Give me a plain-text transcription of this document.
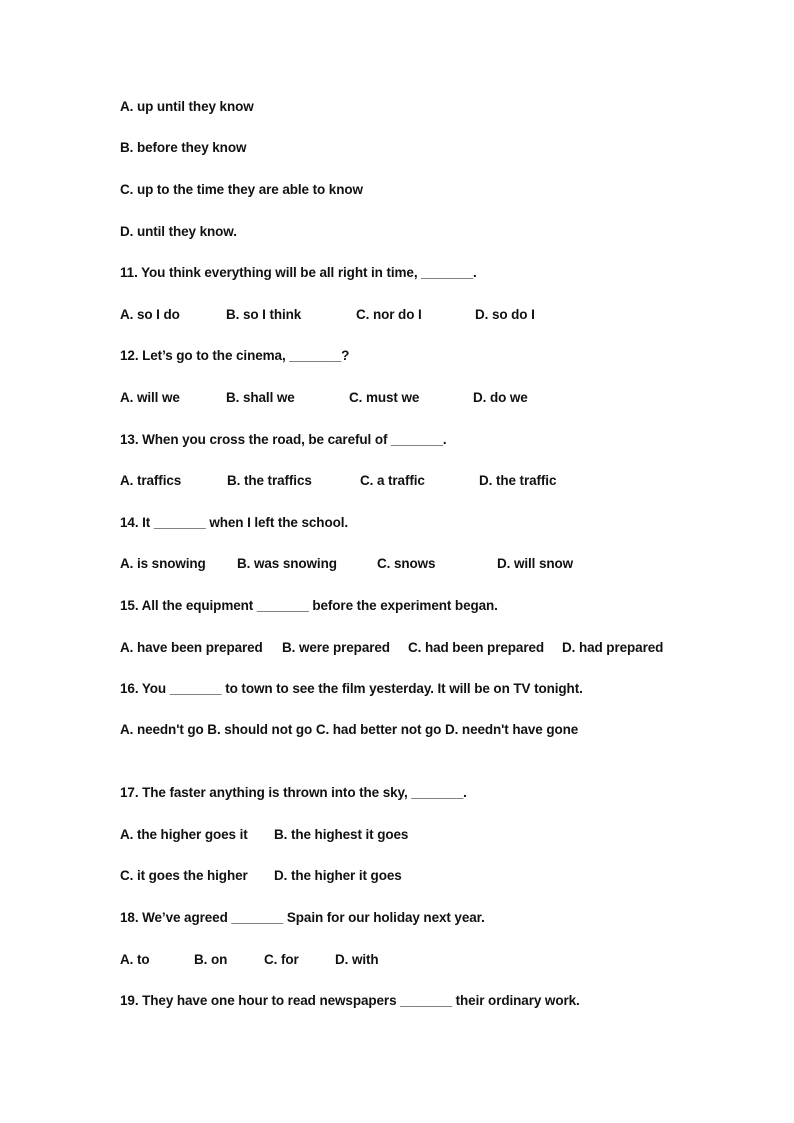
A. up until they know
B. before they know
C. up to the time they are able to know
D. until they know.
11. You think everything will be all right in time, _______.
A. so I do	B. so I think	C. nor do I	D. so do I
12. Let’s go to the cinema, _______?
A. will we	B. shall we	C. must we	D. do we
13. When you cross the road, be careful of _______.
A. traffics	B. the traffics	C. a traffic	D. the traffic
14. It _______ when I left the school.
A. is snowing B. was snowing	C. snows	D. will snow
15. All the equipment _______ before the experiment began.
A. have been prepared B. were prepared C. had been prepared D. had prepared
16. You _______ to town to see the film yesterday. It will be on TV tonight.
A. needn't go B. should not go C. had better not go D. needn't have gone
17. The faster anything is thrown into the sky, _______.
A. the higher goes it B. the highest it goes
C. it goes the higher D. the higher it goes
18. We’ve agreed _______ Spain for our holiday next year.
A. to	B. on	C. for	D. with
19. They have one hour to read newspapers _______ their ordinary work.
